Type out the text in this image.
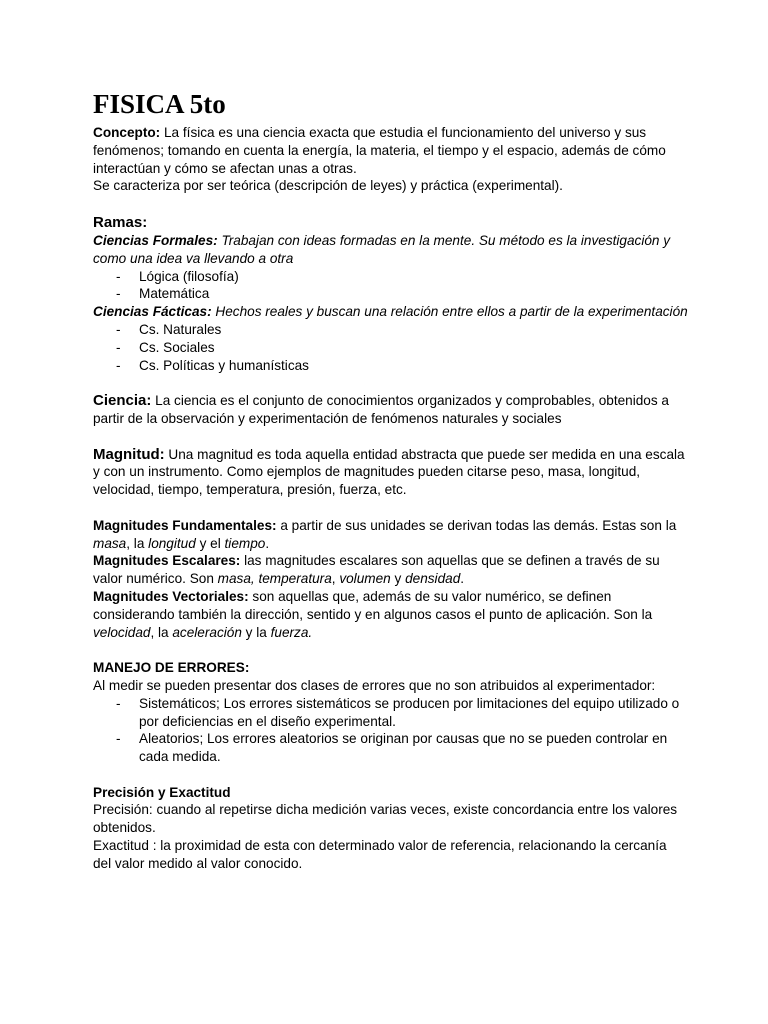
FISICA 5to

Concepto: La física es una ciencia exacta que estudia el funcionamiento del universo y sus fenómenos; tomando en cuenta la energía, la materia, el tiempo y el espacio, además de cómo interactúan y cómo se afectan unas a otras.

Se caracteriza por ser teórica (descripción de leyes) y práctica (experimental).

Ramas:

Ciencias Formales: Trabajan con ideas formadas en la mente. Su método es la investigación y como una idea va llevando a otra

- Lógica (filosofía)
- Matemática

Ciencias Fácticas: Hechos reales y buscan una relación entre ellos a partir de la experimentación

- Cs. Naturales
- Cs. Sociales
- Cs. Políticas y humanísticas

Ciencia: La ciencia es el conjunto de conocimientos organizados y comprobables, obtenidos a partir de la observación y experimentación de fenómenos naturales y sociales

Magnitud: Una magnitud es toda aquella entidad abstracta que puede ser medida en una escala y con un instrumento. Como ejemplos de magnitudes pueden citarse peso, masa, longitud, velocidad, tiempo, temperatura, presión, fuerza, etc.

Magnitudes Fundamentales: a partir de sus unidades se derivan todas las demás. Estas son la masa, la longitud y el tiempo.

Magnitudes Escalares: las magnitudes escalares son aquellas que se definen a través de su valor numérico. Son masa, temperatura, volumen y densidad.

Magnitudes Vectoriales: son aquellas que, además de su valor numérico, se definen considerando también la dirección, sentido y en algunos casos el punto de aplicación. Son la velocidad, la aceleración y la fuerza.

MANEJO DE ERRORES:

Al medir se pueden presentar dos clases de errores que no son atribuidos al experimentador:

- Sistemáticos; Los errores sistemáticos se producen por limitaciones del equipo utilizado o por deficiencias en el diseño experimental.
- Aleatorios; Los errores aleatorios se originan por causas que no se pueden controlar en cada medida.

Precisión y Exactitud

Precisión: cuando al repetirse dicha medición varias veces, existe concordancia entre los valores obtenidos.

Exactitud : la proximidad de esta con determinado valor de referencia, relacionando la cercanía del valor medido al valor conocido.
